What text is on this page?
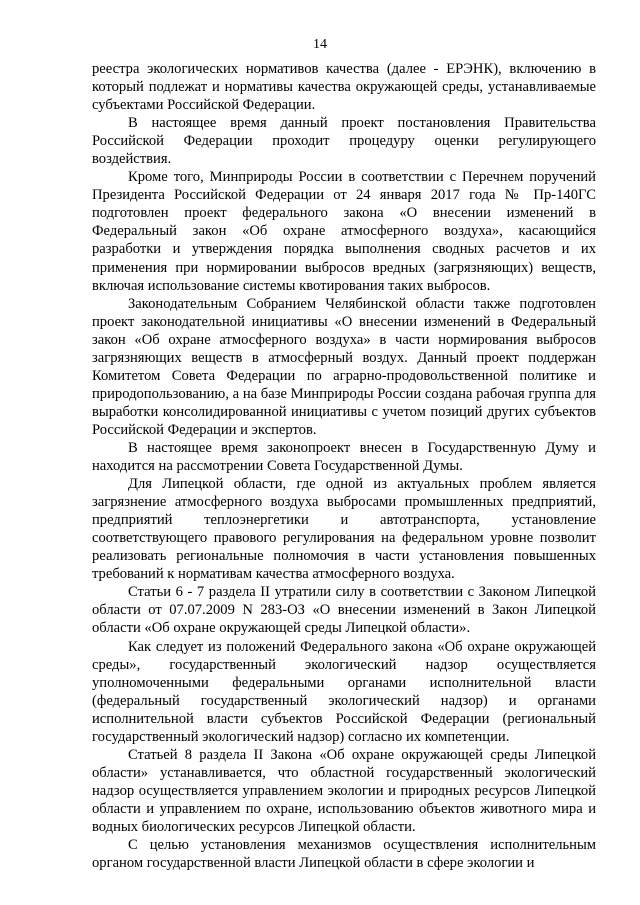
14

реестра экологических нормативов качества (далее - ЕРЭНК), включению в который подлежат и нормативы качества окружающей среды, устанавливаемые субъектами Российской Федерации.

В настоящее время данный проект постановления Правительства Российской Федерации проходит процедуру оценки регулирующего воздействия.

Кроме того, Минприроды России в соответствии с Перечнем поручений Президента Российской Федерации от 24 января 2017 года № Пр-140ГС подготовлен проект федерального закона «О внесении изменений в Федеральный закон «Об охране атмосферного воздуха», касающийся разработки и утверждения порядка выполнения сводных расчетов и их применения при нормировании выбросов вредных (загрязняющих) веществ, включая использование системы квотирования таких выбросов.

Законодательным Собранием Челябинской области также подготовлен проект законодательной инициативы «О внесении изменений в Федеральный закон «Об охране атмосферного воздуха» в части нормирования выбросов загрязняющих веществ в атмосферный воздух. Данный проект поддержан Комитетом Совета Федерации по аграрно-продовольственной политике и природопользованию, а на базе Минприроды России создана рабочая группа для выработки консолидированной инициативы с учетом позиций других субъектов Российской Федерации и экспертов.

В настоящее время законопроект внесен в Государственную Думу и находится на рассмотрении Совета Государственной Думы.

Для Липецкой области, где одной из актуальных проблем является загрязнение атмосферного воздуха выбросами промышленных предприятий, предприятий теплоэнергетики и автотранспорта, установление соответствующего правового регулирования на федеральном уровне позволит реализовать региональные полномочия в части установления повышенных требований к нормативам качества атмосферного воздуха.

Статьи 6 - 7 раздела II утратили силу в соответствии с Законом Липецкой области от 07.07.2009 N 283-ОЗ «О внесении изменений в Закон Липецкой области «Об охране окружающей среды Липецкой области».

Как следует из положений Федерального закона «Об охране окружающей среды», государственный экологический надзор осуществляется уполномоченными федеральными органами исполнительной власти (федеральный государственный экологический надзор) и органами исполнительной власти субъектов Российской Федерации (региональный государственный экологический надзор) согласно их компетенции.

Статьей 8 раздела II Закона «Об охране окружающей среды Липецкой области» устанавливается, что областной государственный экологический надзор осуществляется управлением экологии и природных ресурсов Липецкой области и управлением по охране, использованию объектов животного мира и водных биологических ресурсов Липецкой области.

С целью установления механизмов осуществления исполнительным органом государственной власти Липецкой области в сфере экологии и
